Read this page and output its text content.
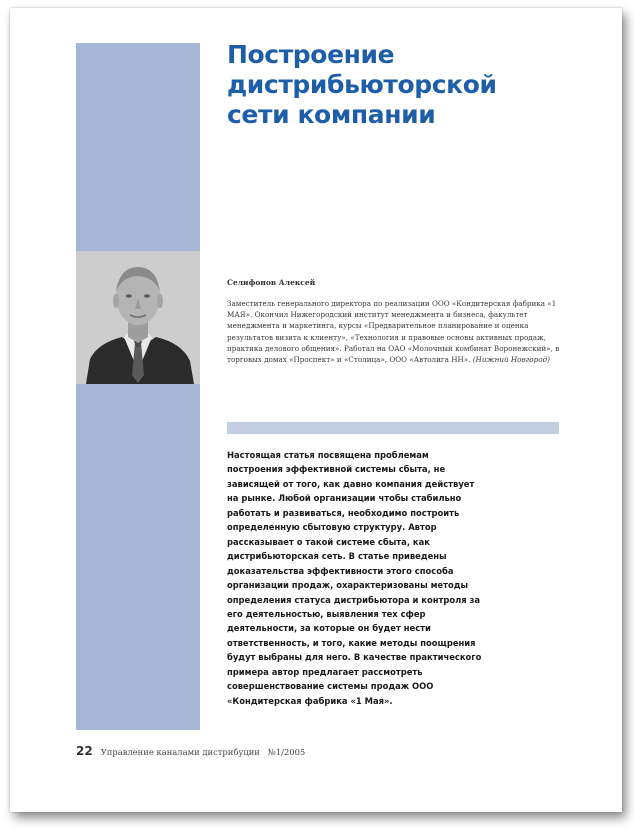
Построение
дистрибьюторской
сети компании
Селифонов Алексей

Заместитель генерального директора по реализации ООО «Кондитерская фабрика «1 МАЯ». Окончил Нижегородский институт менеджмента и бизнеса, факультет менеджмента и маркетинга, курсы «Предварительное планирование и оценка результатов визита к клиенту», «Технология и правовые основы активных продаж, практика делового общения». Работал на ОАО «Молочный комбинат Воронежский», в торговых домах «Проспект» и «Столица», ООО «Автолига НН». (Нижний Новгород)

Настоящая статья посвящена проблемам построения эффективной системы сбыта, не зависящей от того, как давно компания действует на рынке. Любой организации чтобы стабильно работать и развиваться, необходимо построить определенную сбытовую структуру. Автор рассказывает о такой системе сбыта, как дистрибьюторская сеть. В статье приведены доказательства эффективности этого способа организации продаж, охарактеризованы методы определения статуса дистрибьютора и контроля за его деятельностью, выявления тех сфер деятельности, за которые он будет нести ответственность, и того, какие методы поощрения будут выбраны для него. В качестве практического примера автор предлагает рассмотреть совершенствование системы продаж ООО «Кондитерская фабрика «1 Мая».

22 Управление каналами дистрибуции №1/2005
